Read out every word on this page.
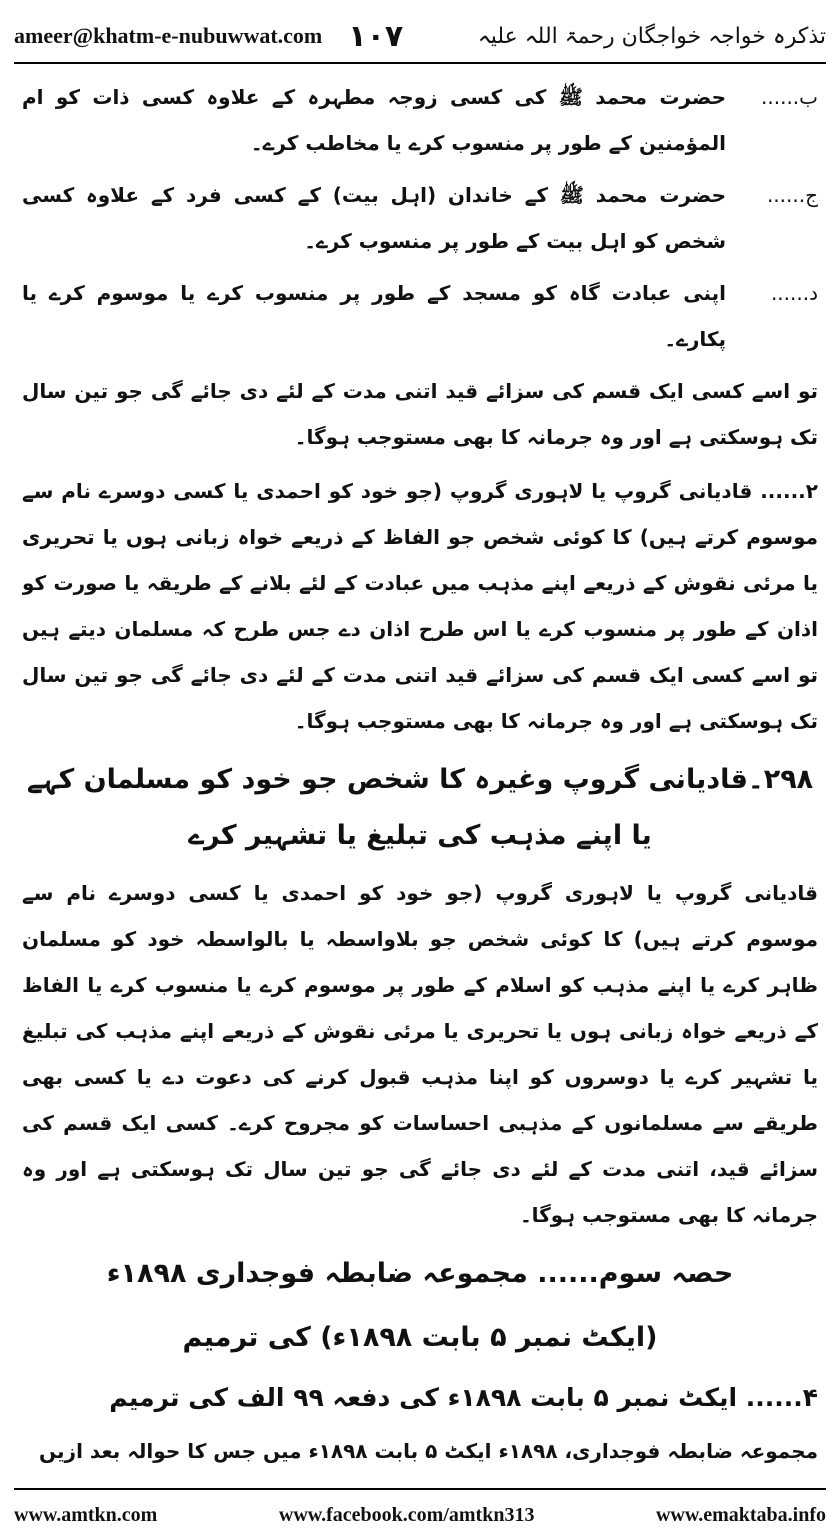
ameer@khatm-e-nubuwwat.com ۱۰۷	تذکرہ خواجہ خواجگان رحمۃ اللہ علیہ
ب......
حضرت محمد ﷺ کی کسی زوجہ مطہرہ کے علاوہ کسی ذات کو ام المؤمنین کے طور پر منسوب کرے یا مخاطب کرے۔
ج......
حضرت محمد ﷺ کے خاندان (اہل بیت) کے کسی فرد کے علاوہ کسی شخص کو اہل بیت کے طور پر منسوب کرے۔
د......
اپنی عبادت گاہ کو مسجد کے طور پر منسوب کرے یا موسوم کرے یا پکارے۔

تو اسے کسی ایک قسم کی سزائے قید اتنی مدت کے لئے دی جائے گی جو تین سال تک ہوسکتی ہے اور وہ جرمانہ کا بھی مستوجب ہوگا۔

۲...... قادیانی گروپ یا لاہوری گروپ (جو خود کو احمدی یا کسی دوسرے نام سے موسوم کرتے ہیں) کا کوئی شخص جو الفاظ کے ذریعے خواہ زبانی ہوں یا تحریری یا مرئی نقوش کے ذریعے اپنے مذہب میں عبادت کے لئے بلانے کے طریقہ یا صورت کو اذان کے طور پر منسوب کرے یا اس طرح اذان دے جس طرح کہ مسلمان دیتے ہیں تو اسے کسی ایک قسم کی سزائے قید اتنی مدت کے لئے دی جائے گی جو تین سال تک ہوسکتی ہے اور وہ جرمانہ کا بھی مستوجب ہوگا۔

۲۹۸۔قادیانی گروپ وغیرہ کا شخص جو خود کو مسلمان کہے یا اپنے مذہب کی تبلیغ یا تشہیر کرے

قادیانی گروپ یا لاہوری گروپ (جو خود کو احمدی یا کسی دوسرے نام سے موسوم کرتے ہیں) کا کوئی شخص جو بلاواسطہ یا بالواسطہ خود کو مسلمان ظاہر کرے یا اپنے مذہب کو اسلام کے طور پر موسوم کرے یا منسوب کرے یا الفاظ کے ذریعے خواہ زبانی ہوں یا تحریری یا مرئی نقوش کے ذریعے اپنے مذہب کی تبلیغ یا تشہیر کرے یا دوسروں کو اپنا مذہب قبول کرنے کی دعوت دے یا کسی بھی طریقے سے مسلمانوں کے مذہبی احساسات کو مجروح کرے۔ کسی ایک قسم کی سزائے قید، اتنی مدت کے لئے دی جائے گی جو تین سال تک ہوسکتی ہے اور وہ جرمانہ کا بھی مستوجب ہوگا۔

حصہ سوم...... مجموعہ ضابطہ فوجداری ۱۸۹۸ء
(ایکٹ نمبر ۵ بابت ۱۸۹۸ء) کی ترمیم
۴...... ایکٹ نمبر ۵ بابت ۱۸۹۸ء کی دفعہ ۹۹ الف کی ترمیم

مجموعہ ضابطہ فوجداری، ۱۸۹۸ء ایکٹ ۵ بابت ۱۸۹۸ء میں جس کا حوالہ بعد ازیں

www.amtkn.com	www.facebook.com/amtkn313	www.emaktaba.info
